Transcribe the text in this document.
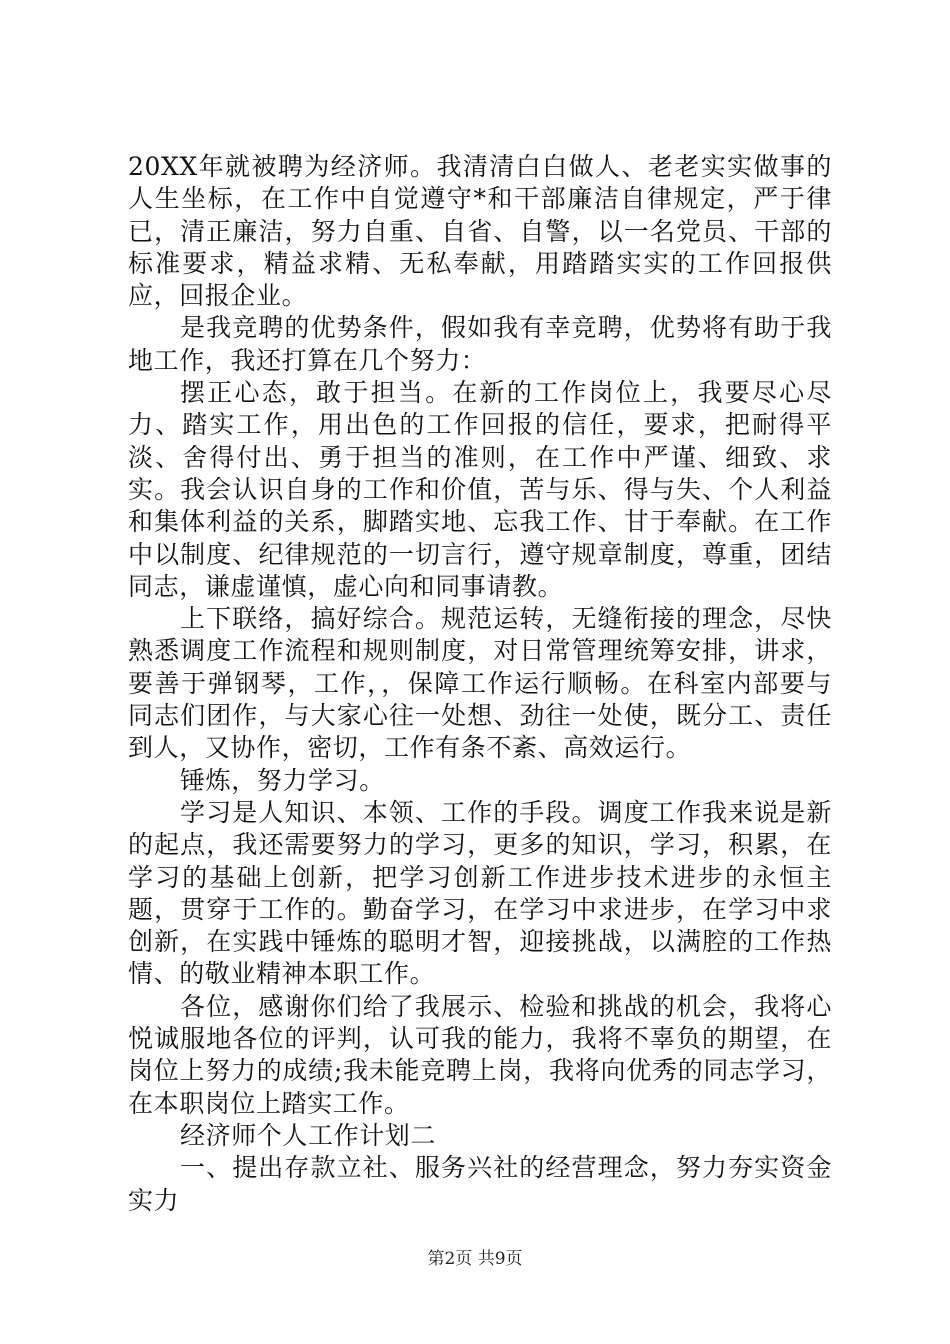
20XX年就被聘为经济师。我清清白白做人、老老实实做事的人生坐标，在工作中自觉遵守*和干部廉洁自律规定，严于律已，清正廉洁，努力自重、自省、自警，以一名党员、干部的标准要求，精益求精、无私奉献，用踏踏实实的工作回报供应，回报企业。

是我竞聘的优势条件，假如我有幸竞聘，优势将有助于我地工作，我还打算在几个努力：

摆正心态，敢于担当。在新的工作岗位上，我要尽心尽力、踏实工作，用出色的工作回报的信任，要求，把耐得平淡、舍得付出、勇于担当的准则，在工作中严谨、细致、求实。我会认识自身的工作和价值，苦与乐、得与失、个人利益和集体利益的关系，脚踏实地、忘我工作、甘于奉献。在工作中以制度、纪律规范的一切言行，遵守规章制度，尊重，团结同志，谦虚谨慎，虚心向和同事请教。

上下联络，搞好综合。规范运转，无缝衔接的理念，尽快熟悉调度工作流程和规则制度，对日常管理统筹安排，讲求，要善于弹钢琴，工作，，保障工作运行顺畅。在科室内部要与同志们团作，与大家心往一处想、劲往一处使，既分工、责任到人，又协作，密切，工作有条不紊、高效运行。

锤炼，努力学习。

学习是人知识、本领、工作的手段。调度工作我来说是新的起点，我还需要努力的学习，更多的知识，学习，积累，在学习的基础上创新，把学习创新工作进步技术进步的永恒主题，贯穿于工作的。勤奋学习，在学习中求进步，在学习中求创新，在实践中锤炼的聪明才智，迎接挑战，以满腔的工作热情、的敬业精神本职工作。

各位，感谢你们给了我展示、检验和挑战的机会，我将心悦诚服地各位的评判，认可我的能力，我将不辜负的期望，在岗位上努力的成绩;我未能竞聘上岗，我将向优秀的同志学习，在本职岗位上踏实工作。

经济师个人工作计划二

一、提出存款立社、服务兴社的经营理念，努力夯实资金实力

第2页 共9页
